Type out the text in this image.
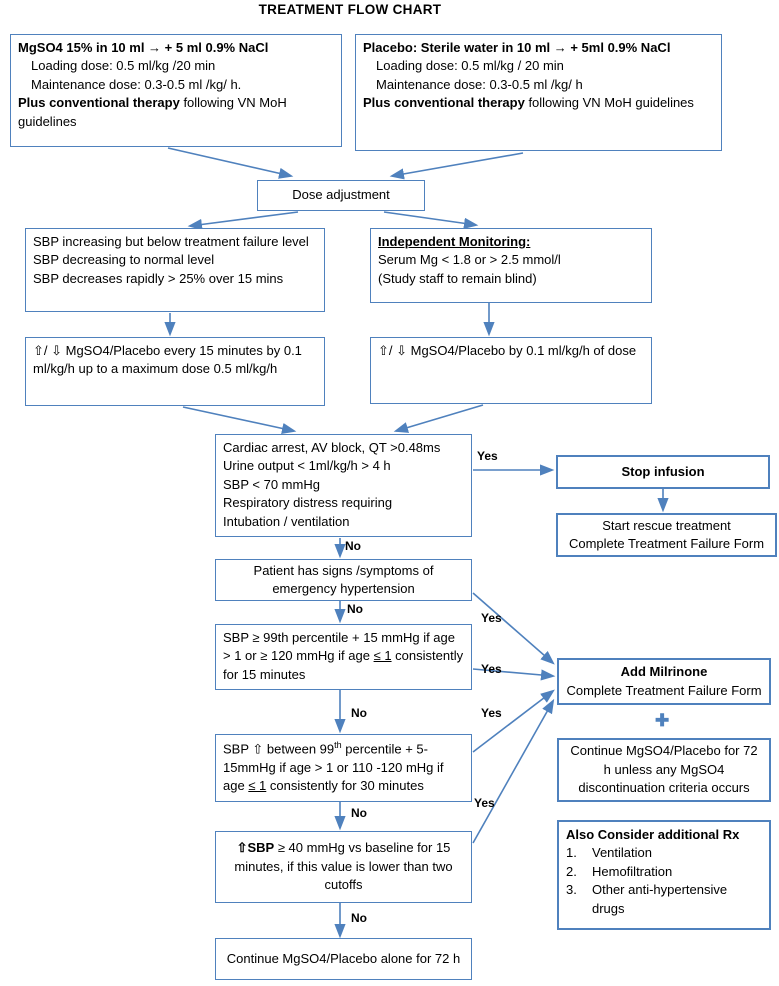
TREATMENT FLOW CHART
MgSO4 15% in 10 ml → + 5 ml 0.9% NaCl
Loading dose: 0.5 ml/kg /20 min
Maintenance dose: 0.3-0.5 ml /kg/ h.
Plus conventional therapy following VN MoH guidelines
Placebo: Sterile water in 10 ml → + 5ml 0.9% NaCl
Loading dose: 0.5 ml/kg / 20 min
Maintenance dose: 0.3-0.5 ml /kg/ h
Plus conventional therapy following VN MoH guidelines
Dose adjustment
SBP increasing but below treatment failure level
SBP decreasing to normal level
SBP decreases rapidly > 25% over 15 mins
Independent Monitoring:
Serum Mg < 1.8 or > 2.5 mmol/l
(Study staff to remain blind)
⇧/ ⇩ MgSO4/Placebo every 15 minutes by 0.1 ml/kg/h up to a maximum dose 0.5 ml/kg/h
⇧/ ⇩ MgSO4/Placebo by 0.1 ml/kg/h of dose
Cardiac arrest, AV block, QT >0.48ms
Urine output < 1ml/kg/h > 4 h
SBP < 70 mmHg
Respiratory distress requiring
Intubation / ventilation
Stop infusion
Start rescue treatment
Complete Treatment Failure Form
Patient has signs /symptoms of emergency hypertension
SBP ≥ 99th percentile + 15 mmHg if age > 1 or ≥ 120 mmHg if age ≤ 1 consistently for 15 minutes	Add Milrinone
Complete Treatment Failure Form
✚
SBP ⇧ between 99th percentile + 5-15mmHg if age > 1 or 110 -120 mHg if age ≤ 1 consistently for 30 minutes
Continue MgSO4/Placebo for 72 h unless any MgSO4 discontinuation criteria occurs
Also Consider additional Rx
1.	Ventilation
2.	Hemofiltration
3.	Other anti-hypertensive drugs
⇧SBP ≥ 40 mmHg vs baseline for 15 minutes, if this value is lower than two cutoffs
Continue MgSO4/Placebo alone for 72 h
Yes
No
No
Yes
Yes
No	Yes
No
Yes
No
